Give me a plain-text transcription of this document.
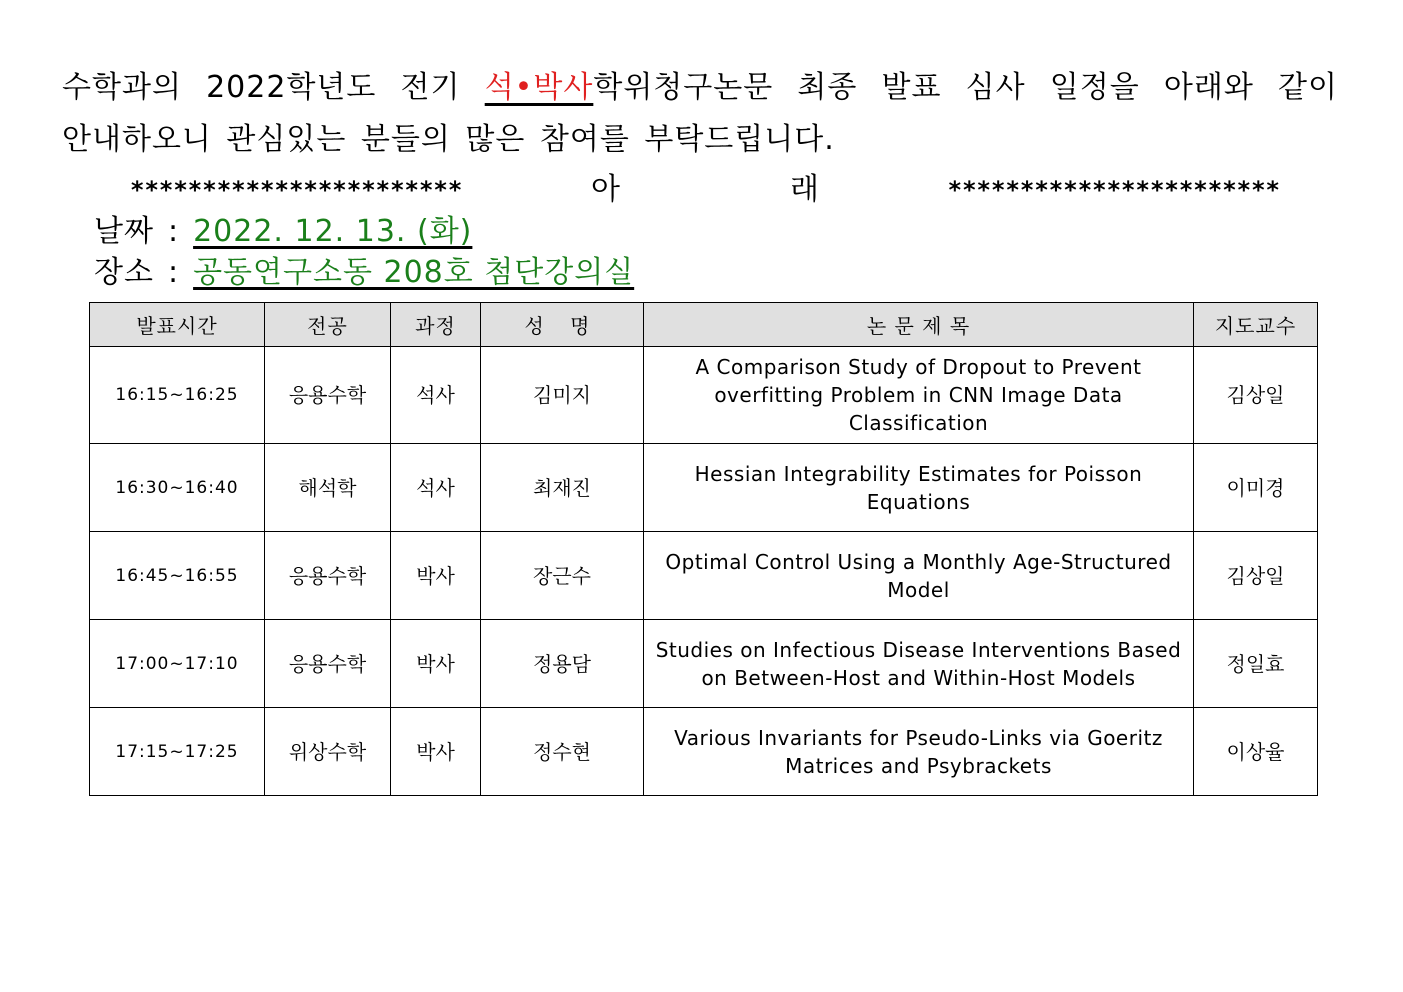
수학과의 2022학년도 전기 석•박사학위청구논문 최종 발표 심사 일정을 아래와 같이
안내하오니 관심있는 분들의 많은 참여를 부탁드립니다.
***********************	아	래	***********************
날짜 : 2022. 12. 13. (화)
장소 : 공동연구소동 208호 첨단강의실
발표시간	전공	과정	성 명	논 문 제 목	지도교수
16:15~16:25	응용수학	석사	김미지	A Comparison Study of Dropout to Prevent overfitting Problem in CNN Image Data Classification	김상일
16:30~16:40	해석학	석사	최재진	Hessian Integrability Estimates for Poisson Equations	이미경
16:45~16:55	응용수학	박사	장근수	Optimal Control Using a Monthly Age-Structured Model	김상일
17:00~17:10	응용수학	박사	정용담	Studies on Infectious Disease Interventions Based on Between-Host and Within-Host Models	정일효
17:15~17:25	위상수학	박사	정수현	Various Invariants for Pseudo-Links via Goeritz Matrices and Psybrackets	이상율
